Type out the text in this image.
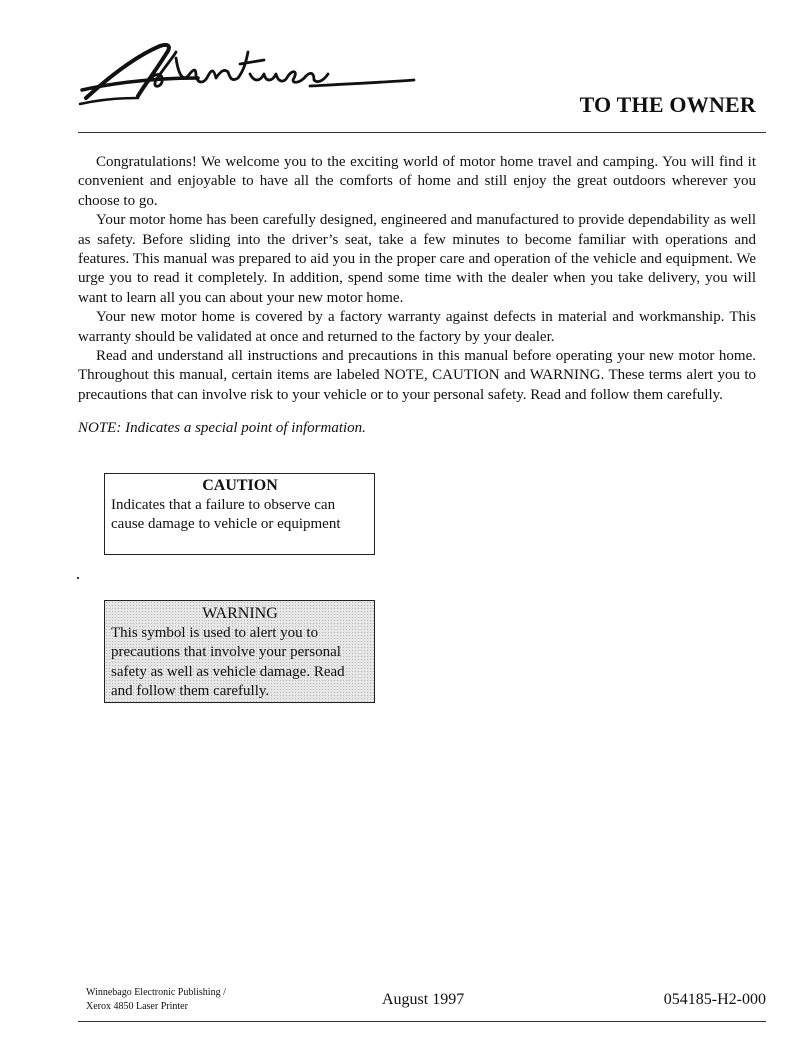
TO THE OWNER

Congratulations! We welcome you to the exciting world of motor home travel and camping. You will find it convenient and enjoyable to have all the comforts of home and still enjoy the great outdoors wherever you choose to go.

Your motor home has been carefully designed, engineered and manufactured to provide dependability as well as safety. Before sliding into the driver’s seat, take a few minutes to become familiar with operations and features. This manual was prepared to aid you in the proper care and operation of the vehicle and equipment. We urge you to read it completely. In addition, spend some time with the dealer when you take delivery, you will want to learn all you can about your new motor home.

Your new motor home is covered by a factory warranty against defects in material and workmanship. This warranty should be validated at once and returned to the factory by your dealer.

Read and understand all instructions and precautions in this manual before operating your new motor home. Throughout this manual, certain items are labeled NOTE, CAUTION and WARNING. These terms alert you to precautions that can involve risk to your vehicle or to your personal safety. Read and follow them carefully.

NOTE: Indicates a special point of information.
CAUTION
Indicates that a failure to observe can cause damage to vehicle or equipment
WARNING
This symbol is used to alert you to precautions that involve your personal safety as well as vehicle damage. Read and follow them carefully.
Winnebago Electronic Publishing /
Xerox 4850 Laser Printer	August 1997	054185-H2-000
